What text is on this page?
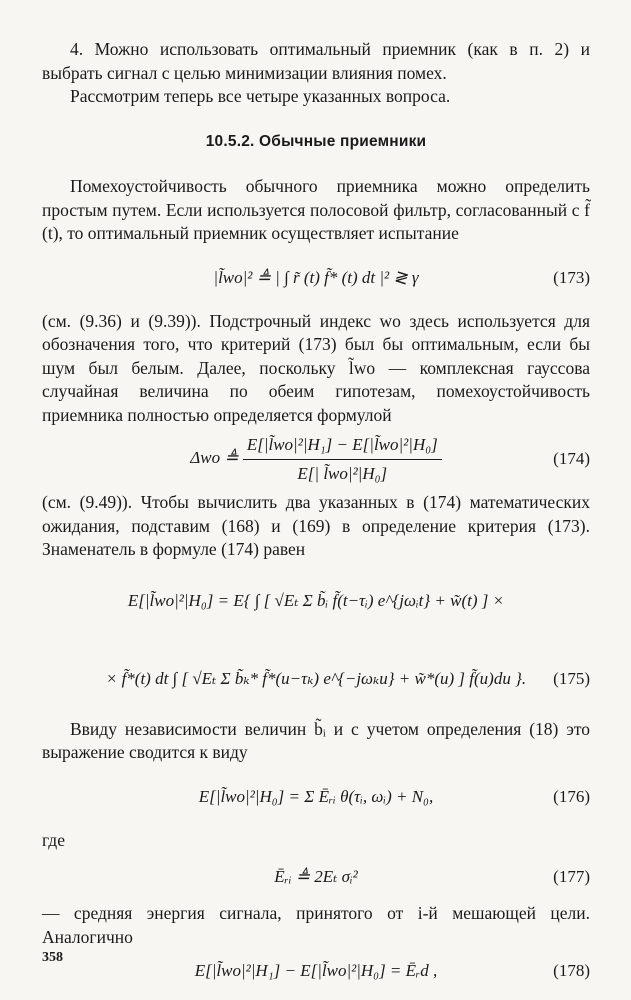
4. Можно использовать оптимальный приемник (как в п. 2) и выбрать сигнал с целью минимизации влияния помех.

Рассмотрим теперь все четыре указанных вопроса.

10.5.2. Обычные приемники

Помехоустойчивость обычного приемника можно определить простым путем. Если используется полосовой фильтр, согласованный с f̃ (t), то оптимальный приемник осуществляет испытание

|l̃wo|² ≜ | ∫ r̃ (t) f̃* (t) dt |² ≷ γ	(173)

(см. (9.36) и (9.39)). Подстрочный индекс wo здесь используется для обозначения того, что критерий (173) был бы оптимальным, если бы шум был белым. Далее, поскольку l̃wo — комплексная гауссова случайная величина по обеим гипотезам, помехоустойчивость приемника полностью определяется формулой

Δwo ≜ $\frac{\text{E[|l̃wo|²|H₁] − E[|l̃wo|²|H₀]}}{\text{E[| l̃wo|²|H₀]}}$	(174)

(см. (9.49)). Чтобы вычислить два указанных в (174) математических ожидания, подставим (168) и (169) в определение критерия (173). Знаменатель в формуле (174) равен

E[|l̃wo|²|H₀] = E{ ∫ [ √Eₜ Σ b̃ᵢ f̃(t−τᵢ) e^{jωᵢt} + w̃(t) ] ×
× f̃*(t) dt ∫ [ √Eₜ Σ b̃ₖ* f̃*(u−τₖ) e^{−jωₖu} + w̃*(u) ] f̃(u)du }. (175)

Ввиду независимости величин b̃ᵢ и с учетом определения (18) это выражение сводится к виду

E[|l̃wo|²|H₀] = Σ Ēᵣᵢ θ(τᵢ, ωᵢ) + N₀,	(176)

где

Ēᵣᵢ ≜ 2Eₜ σᵢ²	(177)

— средняя энергия сигнала, принятого от i-й мешающей цели. Аналогично

E[|l̃wo|²|H₁] − E[|l̃wo|²|H₀] = Ēᵣd ,	(178)
358
